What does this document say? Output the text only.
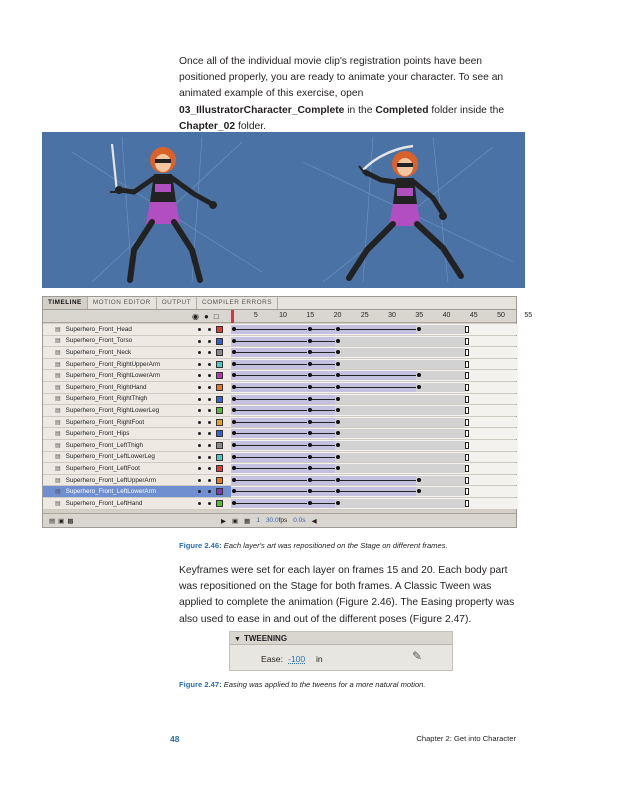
Once all of the individual movie clip's registration points have been positioned properly, you are ready to animate your character. To see an animated example of this exercise, open 03_IllustratorCharacter_Complete in the Completed folder inside the Chapter_02 folder.

TIMELINE	MOTION EDITOR	OUTPUT	COMPILER ERRORS
◉ ● □	5	10	15	20	25	30	35	40	45	50	55
▤ Superhero_Front_Head
▤ Superhero_Front_Torso
▤ Superhero_Front_Neck
▤ Superhero_Front_RightUpperArm
▤ Superhero_Front_RightLowerArm
▤ Superhero_Front_RightHand
▤ Superhero_Front_RightThigh
▤ Superhero_Front_RightLowerLeg
▤ Superhero_Front_RightFoot
▤ Superhero_Front_Hips
▤ Superhero_Front_LeftThigh
▤ Superhero_Front_LeftLowerLeg
▤ Superhero_Front_LeftFoot
▤ Superhero_Front_LeftUpperArm
▤ Superhero_Front_LeftLowerArm
▤ Superhero_Front_LeftHand
▤▣▩	▶ ▣ ▦ 1 30.0fps 0.0s ◀
Figure 2.46: Each layer's art was repositioned on the Stage on different frames.

Keyframes were set for each layer on frames 15 and 20. Each body part was repositioned on the Stage for both frames. A Classic Tween was applied to complete the animation (Figure 2.46). The Easing property was also used to ease in and out of the different poses (Figure 2.47).

▼ TWEENING
Ease: -100 in	✎
Figure 2.47: Easing was applied to the tweens for a more natural motion.
48	Chapter 2: Get into Character
